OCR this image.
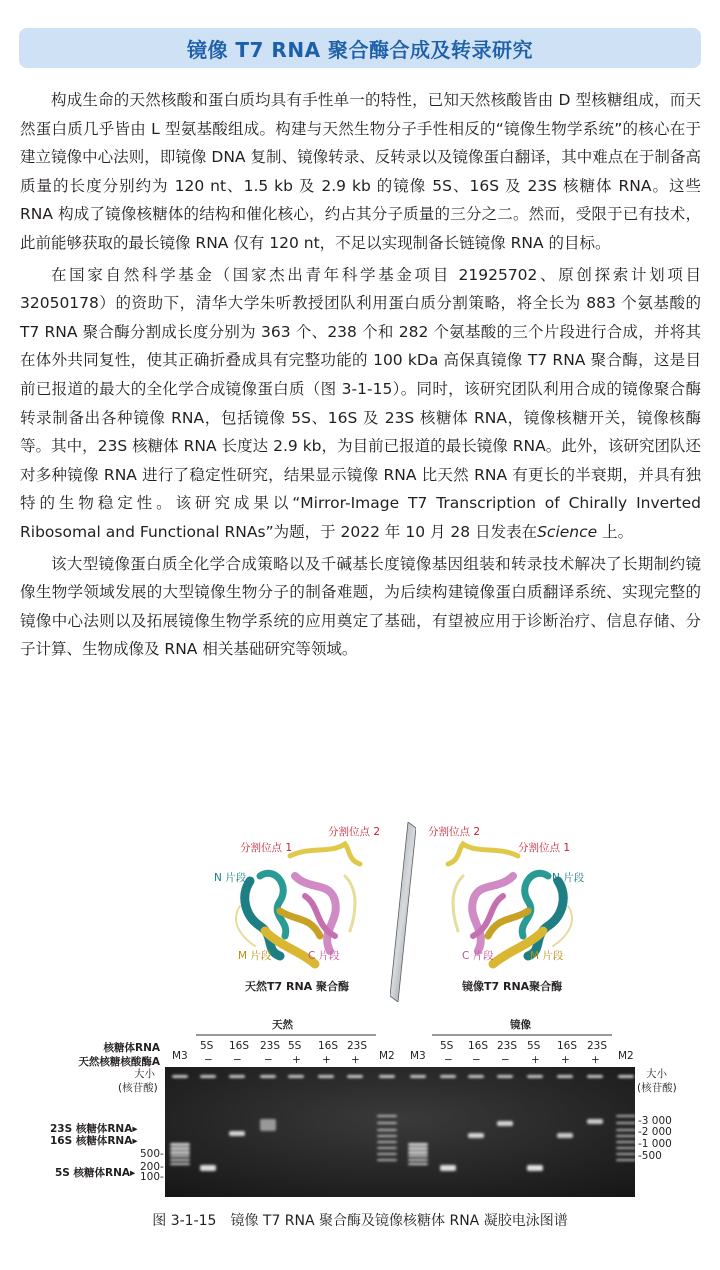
镜像 T7 RNA 聚合酶合成及转录研究

构成生命的天然核酸和蛋白质均具有手性单一的特性，已知天然核酸皆由 D 型核糖组成，而天然蛋白质几乎皆由 L 型氨基酸组成。构建与天然生物分子手性相反的“镜像生物学系统”的核心在于建立镜像中心法则，即镜像 DNA 复制、镜像转录、反转录以及镜像蛋白翻译，其中难点在于制备高质量的长度分别约为 120 nt、1.5 kb 及 2.9 kb 的镜像 5S、16S 及 23S 核糖体 RNA。这些 RNA 构成了镜像核糖体的结构和催化核心，约占其分子质量的三分之二。然而，受限于已有技术，此前能够获取的最长镜像 RNA 仅有 120 nt，不足以实现制备长链镜像 RNA 的目标。

在国家自然科学基金（国家杰出青年科学基金项目 21925702、原创探索计划项目 32050178）的资助下，清华大学朱听教授团队利用蛋白质分割策略，将全长为 883 个氨基酸的 T7 RNA 聚合酶分割成长度分别为 363 个、238 个和 282 个氨基酸的三个片段进行合成，并将其在体外共同复性，使其正确折叠成具有完整功能的 100 kDa 高保真镜像 T7 RNA 聚合酶，这是目前已报道的最大的全化学合成镜像蛋白质（图 3-1-15）。同时，该研究团队利用合成的镜像聚合酶转录制备出各种镜像 RNA，包括镜像 5S、16S 及 23S 核糖体 RNA，镜像核糖开关，镜像核酶等。其中，23S 核糖体 RNA 长度达 2.9 kb，为目前已报道的最长镜像 RNA。此外，该研究团队还对多种镜像 RNA 进行了稳定性研究，结果显示镜像 RNA 比天然 RNA 有更长的半衰期，并具有独特的生物稳定性。该研究成果以“Mirror-Image T7 Transcription of Chirally Inverted Ribosomal and Functional RNAs”为题，于 2022 年 10 月 28 日发表在Science 上。

该大型镜像蛋白质全化学合成策略以及千碱基长度镜像基因组装和转录技术解决了长期制约镜像生物学领域发展的大型镜像生物分子的制备难题，为后续构建镜像蛋白质翻译系统、实现完整的镜像中心法则以及拓展镜像生物学系统的应用奠定了基础，有望被应用于诊断治疗、信息存储、分子计算、生物成像及 RNA 相关基础研究等领域。

分割位点 1
分割位点 2
N 片段
M 片段	C 片段
天然T7 RNA 聚合酶
分割位点 2
分割位点 1
N 片段
C 片段	M 片段
镜像T7 RNA聚合酶
天然	镜像
核糖体RNA
天然核糖核酸酶A M3
5S 16S 23S 5S 16S 23S
M2 M3
5S 16S 23S 5S 16S 23S
M2
− − − + + +	− − − + + +
大小	大小
(核苷酸)	(核苷酸)
23S 核糖体RNA▸
16S 核糖体RNA▸
5S 核糖体RNA▸
500-
200-
100-
-3 000
-2 000
-1 000
-500
图 3-1-15　镜像 T7 RNA 聚合酶及镜像核糖体 RNA 凝胶电泳图谱
